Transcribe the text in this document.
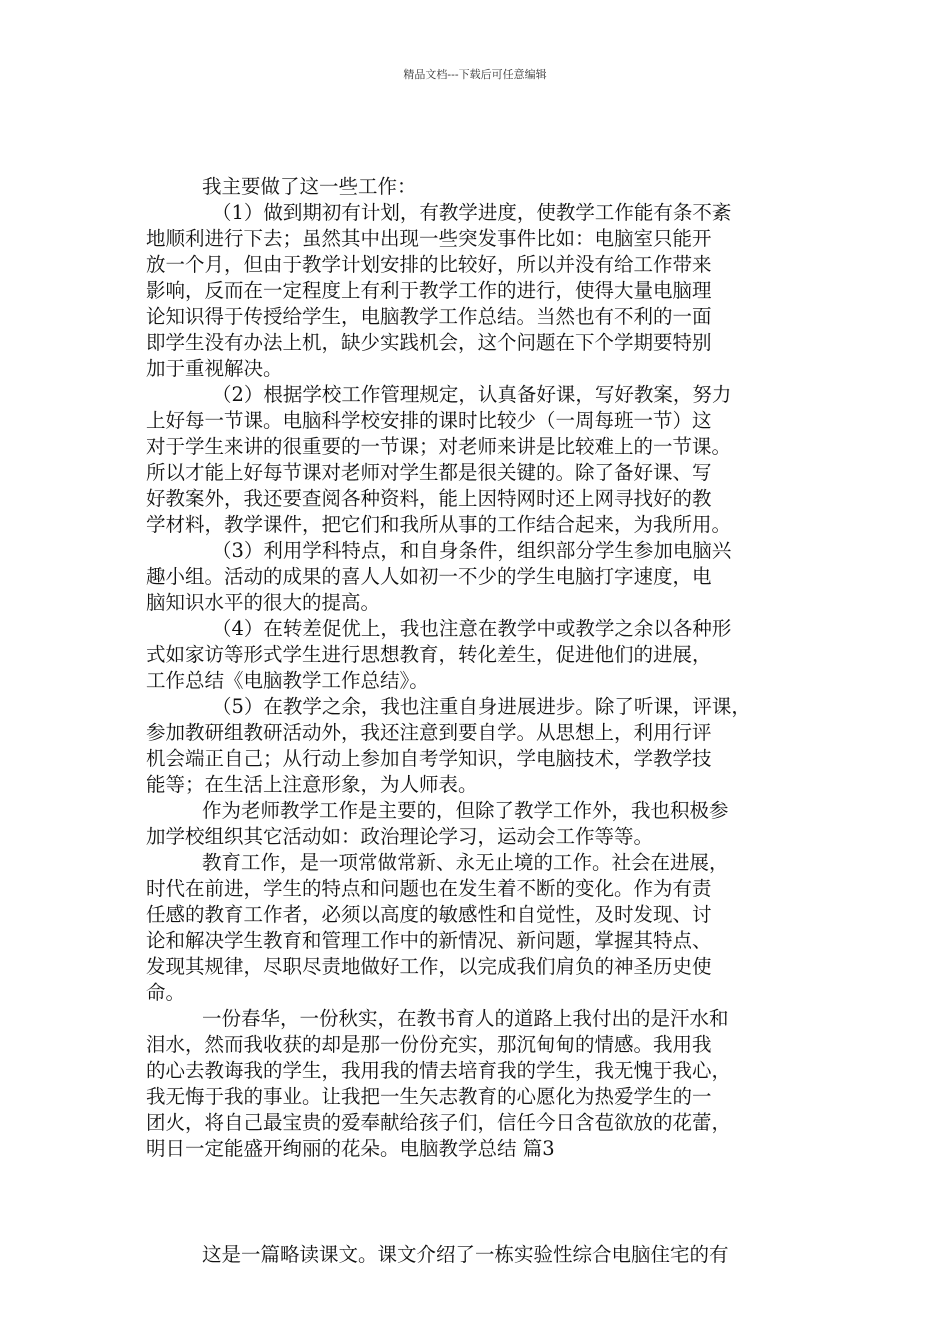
精品文档---下载后可任意编辑
我主要做了这一些工作：
（1）做到期初有计划，有教学进度，使教学工作能有条不紊
地顺利进行下去；虽然其中出现一些突发事件比如：电脑室只能开
放一个月，但由于教学计划安排的比较好，所以并没有给工作带来
影响，反而在一定程度上有利于教学工作的进行，使得大量电脑理
论知识得于传授给学生，电脑教学工作总结。当然也有不利的一面
即学生没有办法上机，缺少实践机会，这个问题在下个学期要特别
加于重视解决。
（2）根据学校工作管理规定，认真备好课，写好教案，努力
上好每一节课。电脑科学校安排的课时比较少（一周每班一节）这
对于学生来讲的很重要的一节课；对老师来讲是比较难上的一节课。
所以才能上好每节课对老师对学生都是很关键的。除了备好课、写
好教案外，我还要查阅各种资料，能上因特网时还上网寻找好的教
学材料，教学课件，把它们和我所从事的工作结合起来，为我所用。
（3）利用学科特点，和自身条件，组织部分学生参加电脑兴
趣小组。活动的成果的喜人人如初一不少的学生电脑打字速度，电
脑知识水平的很大的提高。
（4）在转差促优上，我也注意在教学中或教学之余以各种形
式如家访等形式学生进行思想教育，转化差生，促进他们的进展，
工作总结《电脑教学工作总结》。
（5）在教学之余，我也注重自身进展进步。除了听课，评课，
参加教研组教研活动外，我还注意到要自学。从思想上，利用行评
机会端正自己；从行动上参加自考学知识，学电脑技术，学教学技
能等；在生活上注意形象，为人师表。
作为老师教学工作是主要的，但除了教学工作外，我也积极参
加学校组织其它活动如：政治理论学习，运动会工作等等。
教育工作，是一项常做常新、永无止境的工作。社会在进展，
时代在前进，学生的特点和问题也在发生着不断的变化。作为有责
任感的教育工作者，必须以高度的敏感性和自觉性，及时发现、讨
论和解决学生教育和管理工作中的新情况、新问题，掌握其特点、
发现其规律，尽职尽责地做好工作，以完成我们肩负的神圣历史使
命。
一份春华，一份秋实，在教书育人的道路上我付出的是汗水和
泪水，然而我收获的却是那一份份充实，那沉甸甸的情感。我用我
的心去教诲我的学生，我用我的情去培育我的学生，我无愧于我心，
我无悔于我的事业。让我把一生矢志教育的心愿化为热爱学生的一
团火，将自己最宝贵的爱奉献给孩子们，信任今日含苞欲放的花蕾，
明日一定能盛开绚丽的花朵。电脑教学总结 篇3
这是一篇略读课文。课文介绍了一栋实验性综合电脑住宅的有
